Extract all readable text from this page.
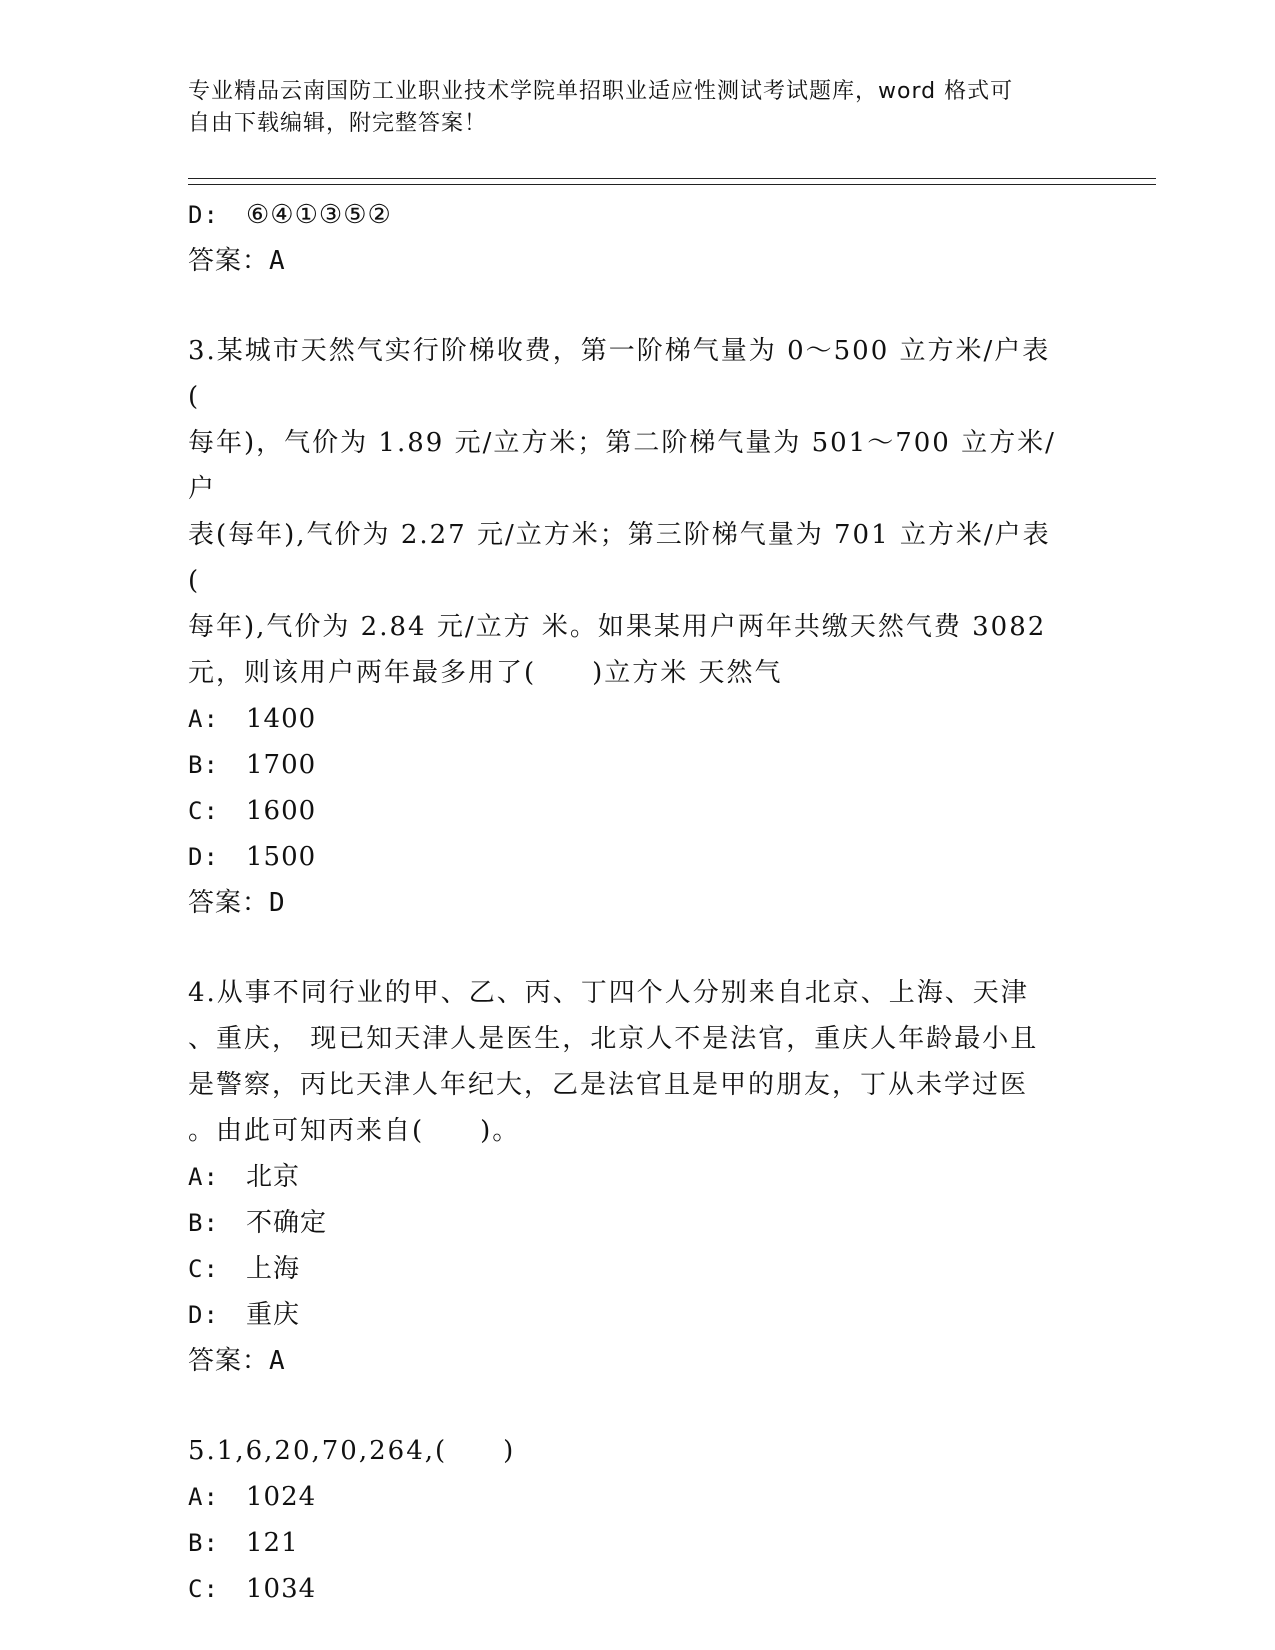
专业精品云南国防工业职业技术学院单招职业适应性测试考试题库，word 格式可
自由下载编辑，附完整答案！
D: ⑥④①③⑤②
答案：A
3.某城市天然气实行阶梯收费，第一阶梯气量为 0～500 立方米/户表(
每年)，气价为 1.89 元/立方米；第二阶梯气量为 501～700 立方米/户
表(每年),气价为 2.27 元/立方米；第三阶梯气量为 701 立方米/户表(
每年),气价为 2.84 元/立方 米。如果某用户两年共缴天然气费 3082
元，则该用户两年最多用了(　　)立方米 天然气
A: 1400
B: 1700
C: 1600
D: 1500
答案：D
4.从事不同行业的甲、乙、丙、丁四个人分别来自北京、上海、天津
、重庆， 现已知天津人是医生，北京人不是法官，重庆人年龄最小且
是警察，丙比天津人年纪大，乙是法官且是甲的朋友，丁从未学过医
。由此可知丙来自(　　)。
A: 北京
B: 不确定
C: 上海
D: 重庆
答案：A
5.1,6,20,70,264,(　　)
A: 1024
B: 121
C: 1034
